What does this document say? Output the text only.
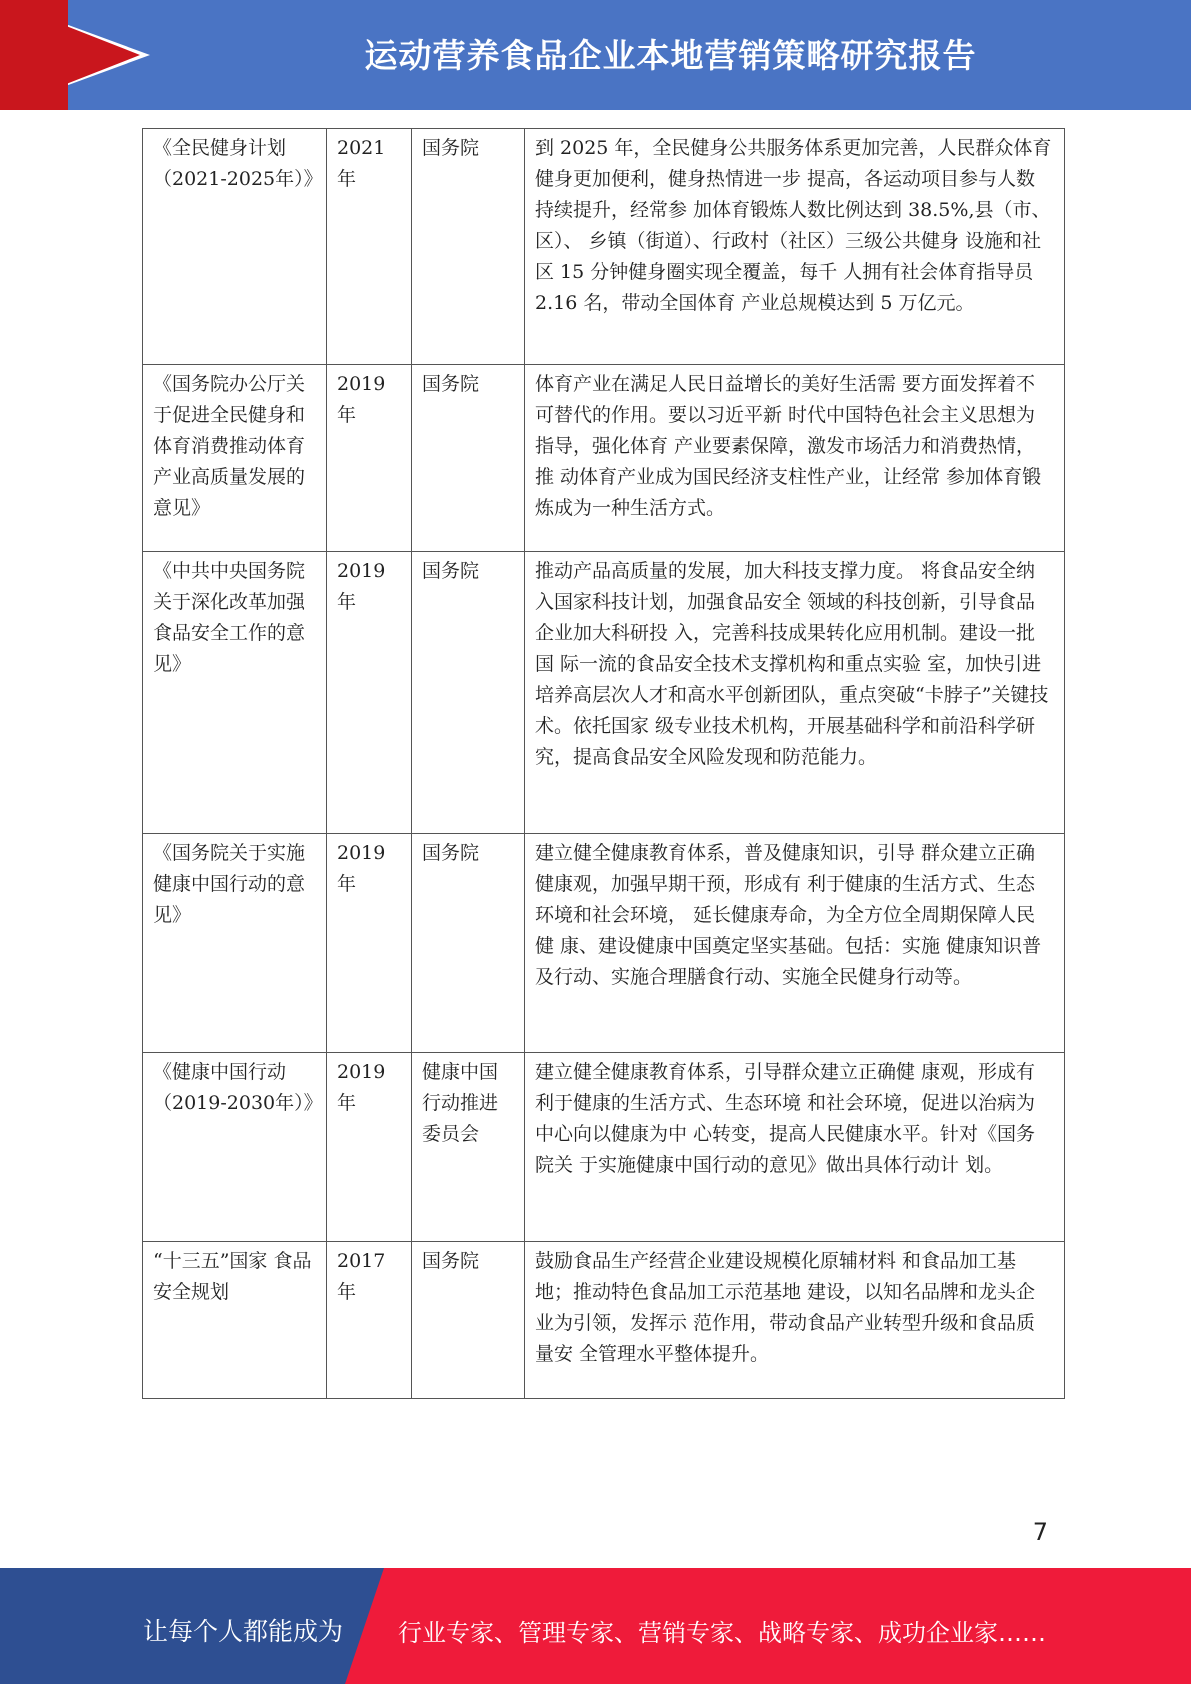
运动营养食品企业本地营销策略研究报告
《全民健身计划（2021-2025年）》	2021年	国务院	到 2025 年，全民健身公共服务体系更加完善，人民群众体育健身更加便利，健身热情进一步 提高，各运动项目参与人数持续提升，经常参 加体育锻炼人数比例达到 38.5%,县（市、区）、 乡镇（街道）、行政村（社区）三级公共健身 设施和社区 15 分钟健身圈实现全覆盖，每千 人拥有社会体育指导员 2.16 名，带动全国体育 产业总规模达到 5 万亿元。
《国务院办公厅关于促进全民健身和体育消费推动体育产业高质量发展的意见》	2019年	国务院	体育产业在满足人民日益增长的美好生活需 要方面发挥着不可替代的作用。要以习近平新 时代中国特色社会主义思想为指导，强化体育 产业要素保障，激发市场活力和消费热情，推 动体育产业成为国民经济支柱性产业，让经常 参加体育锻炼成为一种生活方式。
《中共中央国务院关于深化改革加强食品安全工作的意见》	2019年	国务院	推动产品高质量的发展，加大科技支撑力度。 将食品安全纳入国家科技计划，加强食品安全 领域的科技创新，引导食品企业加大科研投 入，完善科技成果转化应用机制。建设一批国 际一流的食品安全技术支撑机构和重点实验 室，加快引进培养高层次人才和高水平创新团队，重点突破“卡脖子”关键技术。依托国家 级专业技术机构，开展基础科学和前沿科学研 究，提高食品安全风险发现和防范能力。
《国务院关于实施健康中国行动的意见》	2019年	国务院	建立健全健康教育体系，普及健康知识，引导 群众建立正确健康观，加强早期干预，形成有 利于健康的生活方式、生态环境和社会环境， 延长健康寿命，为全方位全周期保障人民健 康、建设健康中国奠定坚实基础。包括：实施 健康知识普及行动、实施合理膳食行动、实施全民健身行动等。
《健康中国行动（2019-2030年）》	2019年	健康中国行动推进委员会	建立健全健康教育体系，引导群众建立正确健 康观，形成有利于健康的生活方式、生态环境 和社会环境，促进以治病为中心向以健康为中 心转变，提高人民健康水平。针对《国务院关 于实施健康中国行动的意见》做出具体行动计 划。
“十三五”国家 食品安全规划	2017年	国务院	鼓励食品生产经营企业建设规模化原辅材料 和食品加工基地；推动特色食品加工示范基地 建设，以知名品牌和龙头企业为引领，发挥示 范作用，带动食品产业转型升级和食品质量安 全管理水平整体提升。
7
让每个人都能成为 行业专家、管理专家、营销专家、战略专家、成功企业家……
